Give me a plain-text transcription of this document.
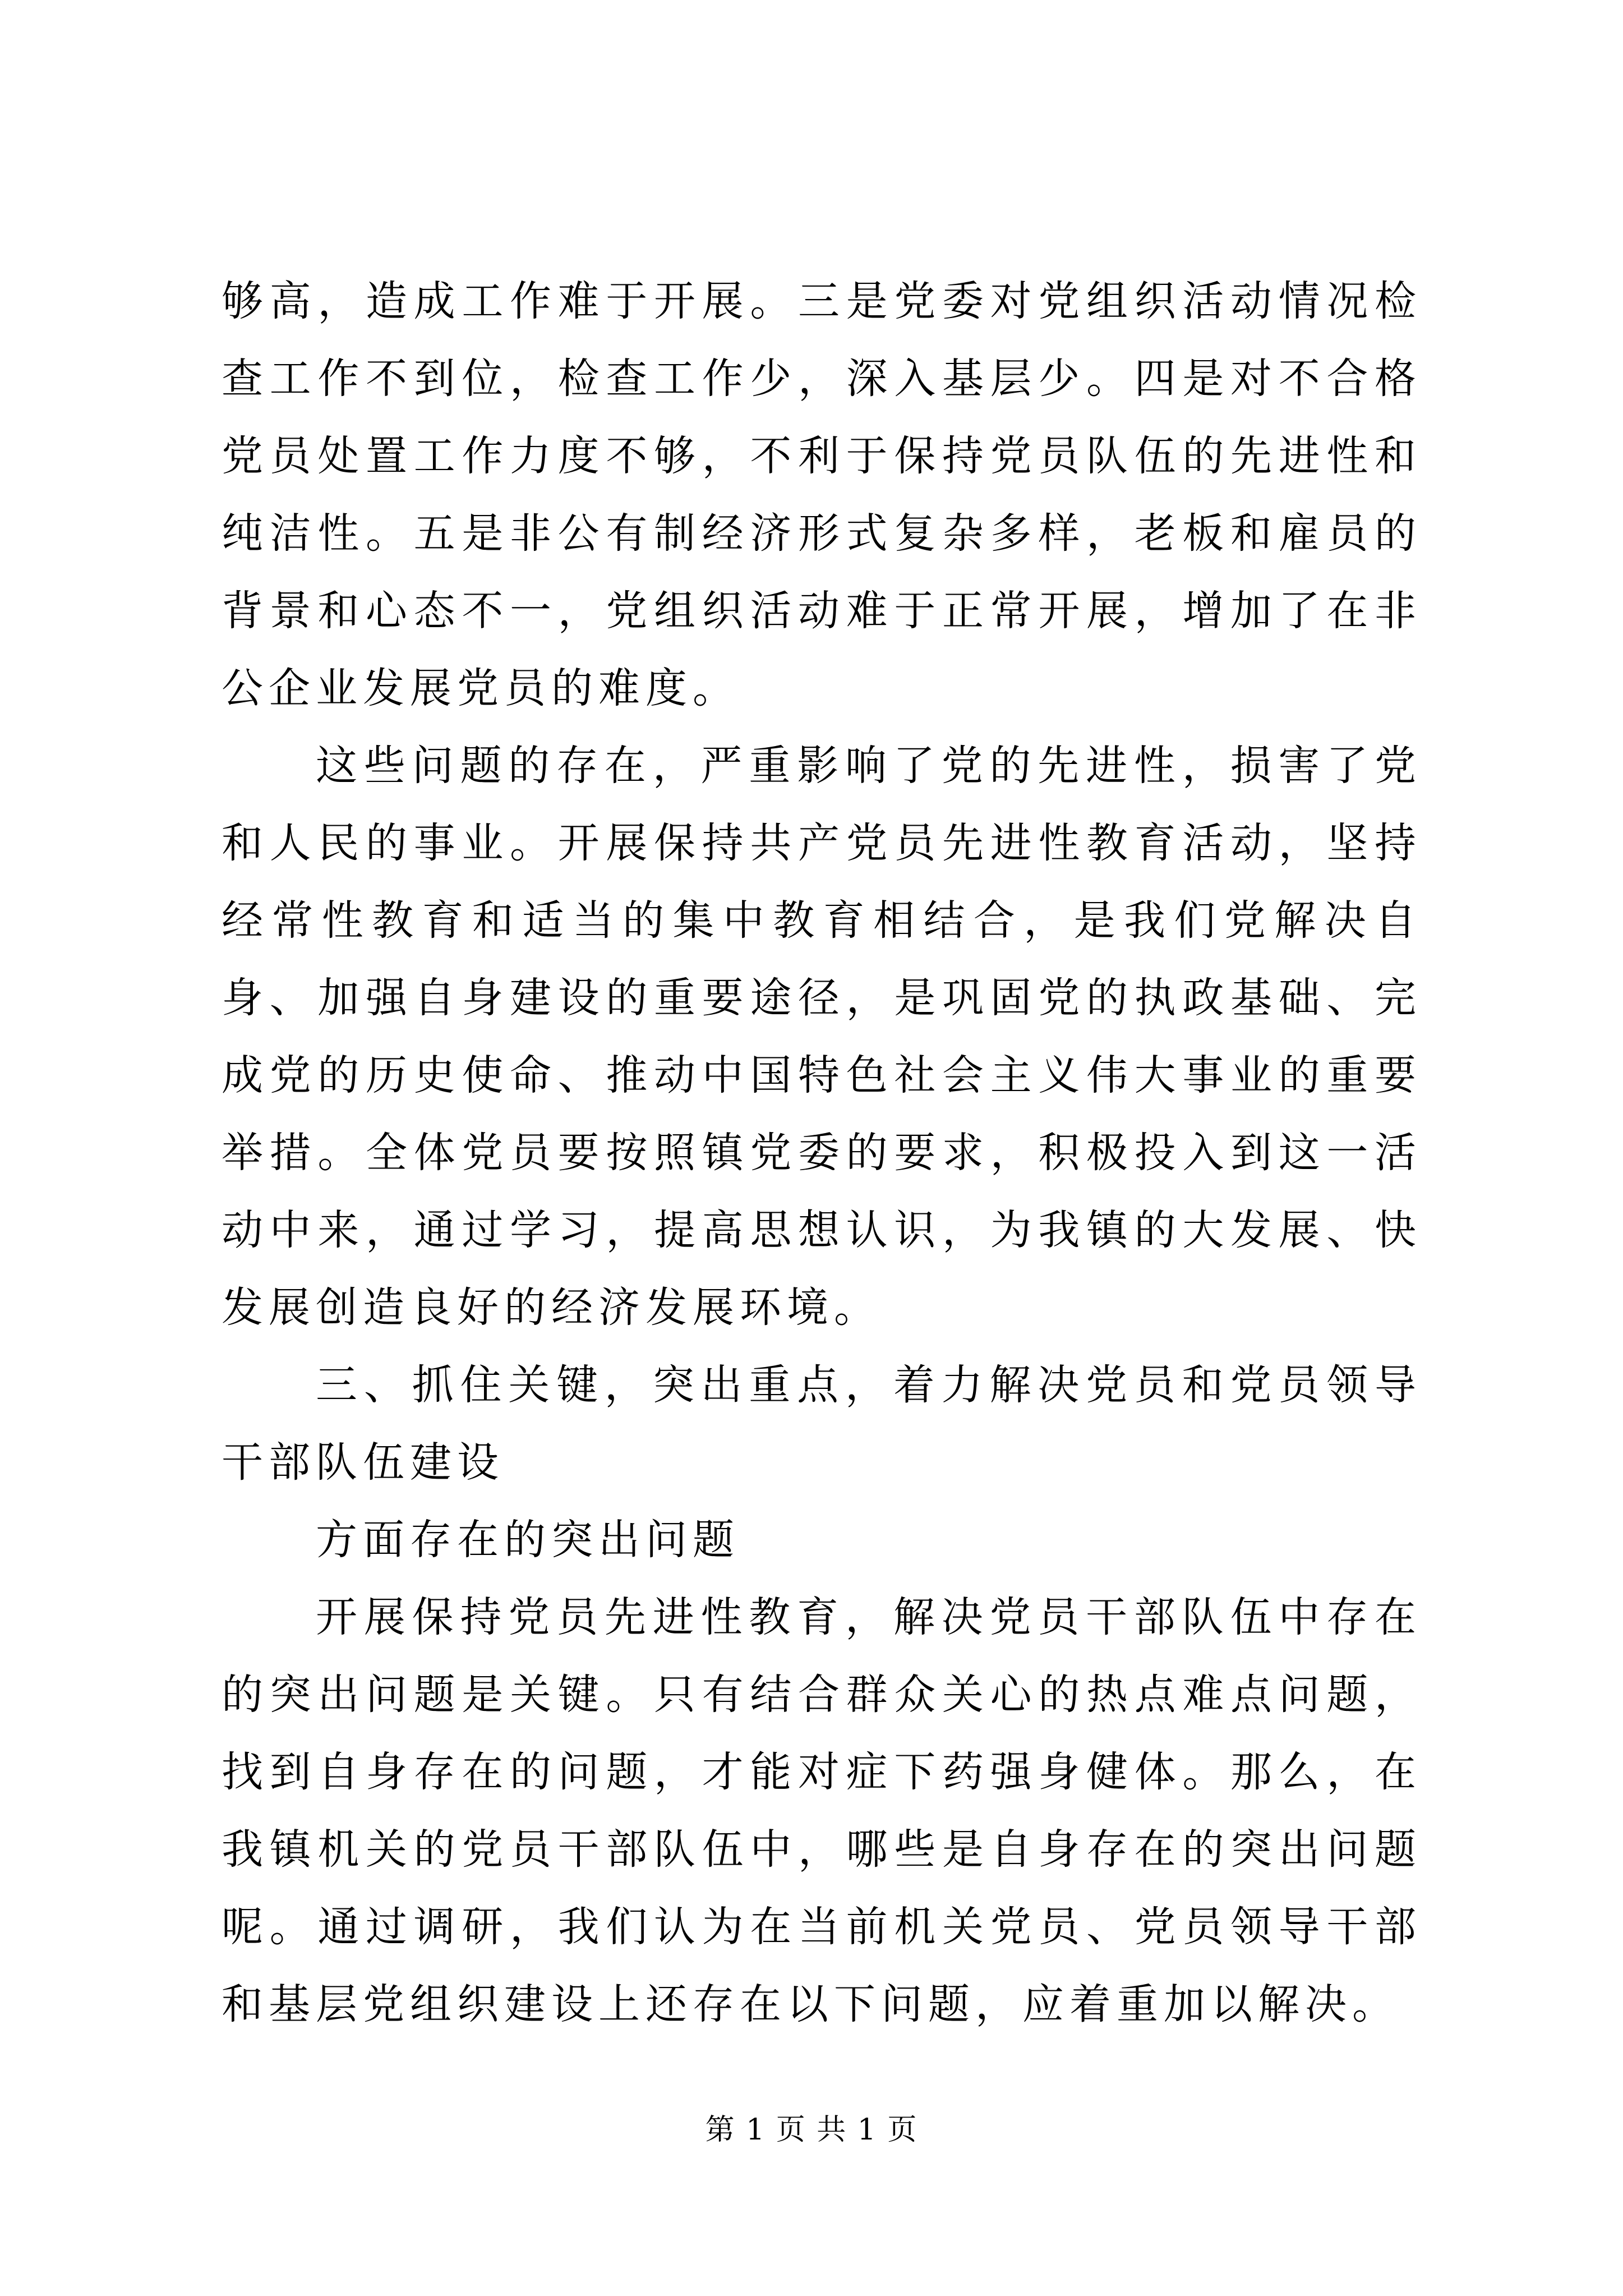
够高，造成工作难于开展。三是党委对党组织活动情况检查工作不到位，检查工作少，深入基层少。四是对不合格党员处置工作力度不够，不利于保持党员队伍的先进性和纯洁性。五是非公有制经济形式复杂多样，老板和雇员的背景和心态不一，党组织活动难于正常开展，增加了在非公企业发展党员的难度。

这些问题的存在，严重影响了党的先进性，损害了党和人民的事业。开展保持共产党员先进性教育活动，坚持经常性教育和适当的集中教育相结合，是我们党解决自身、加强自身建设的重要途径，是巩固党的执政基础、完成党的历史使命、推动中国特色社会主义伟大事业的重要举措。全体党员要按照镇党委的要求，积极投入到这一活动中来，通过学习，提高思想认识，为我镇的大发展、快发展创造良好的经济发展环境。

三、抓住关键，突出重点，着力解决党员和党员领导干部队伍建设

方面存在的突出问题

开展保持党员先进性教育，解决党员干部队伍中存在的突出问题是关键。只有结合群众关心的热点难点问题，找到自身存在的问题，才能对症下药强身健体。那么，在我镇机关的党员干部队伍中，哪些是自身存在的突出问题呢。通过调研，我们认为在当前机关党员、党员领导干部和基层党组织建设上还存在以下问题，应着重加以解决。

第 1 页 共 1 页
